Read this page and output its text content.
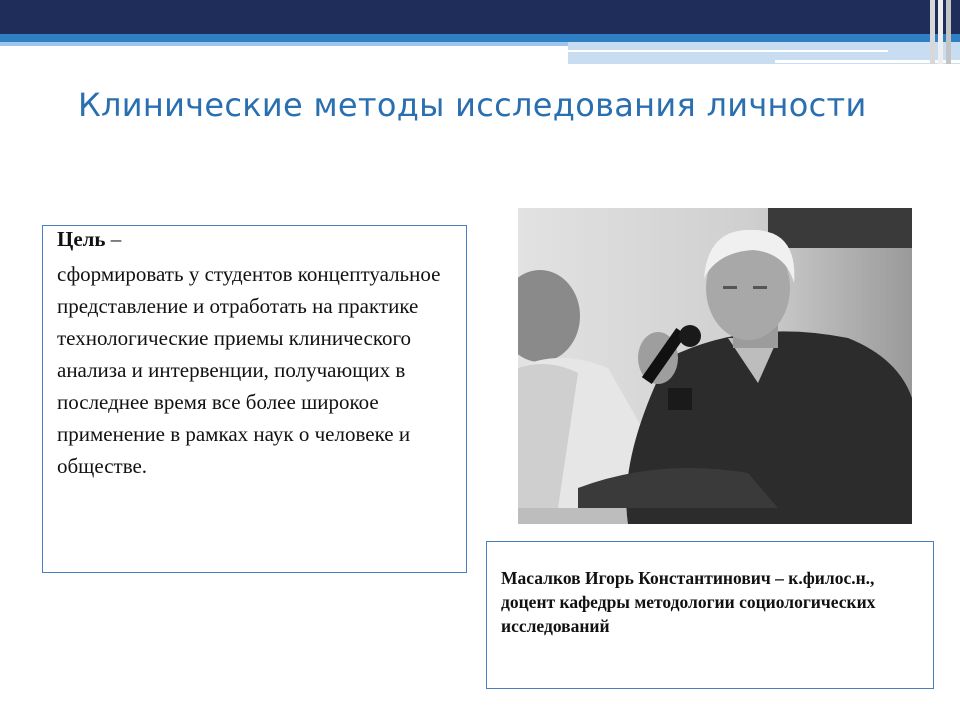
Клинические методы исследования личности
Цель –
сформировать у студентов концептуальное представление и отработать на практике технологические приемы клинического анализа и интервенции, получающих в последнее время все более широкое применение в рамках наук о человеке и обществе.
Масалков Игорь Константинович – к.филос.н., доцент кафедры методологии социологических исследований
